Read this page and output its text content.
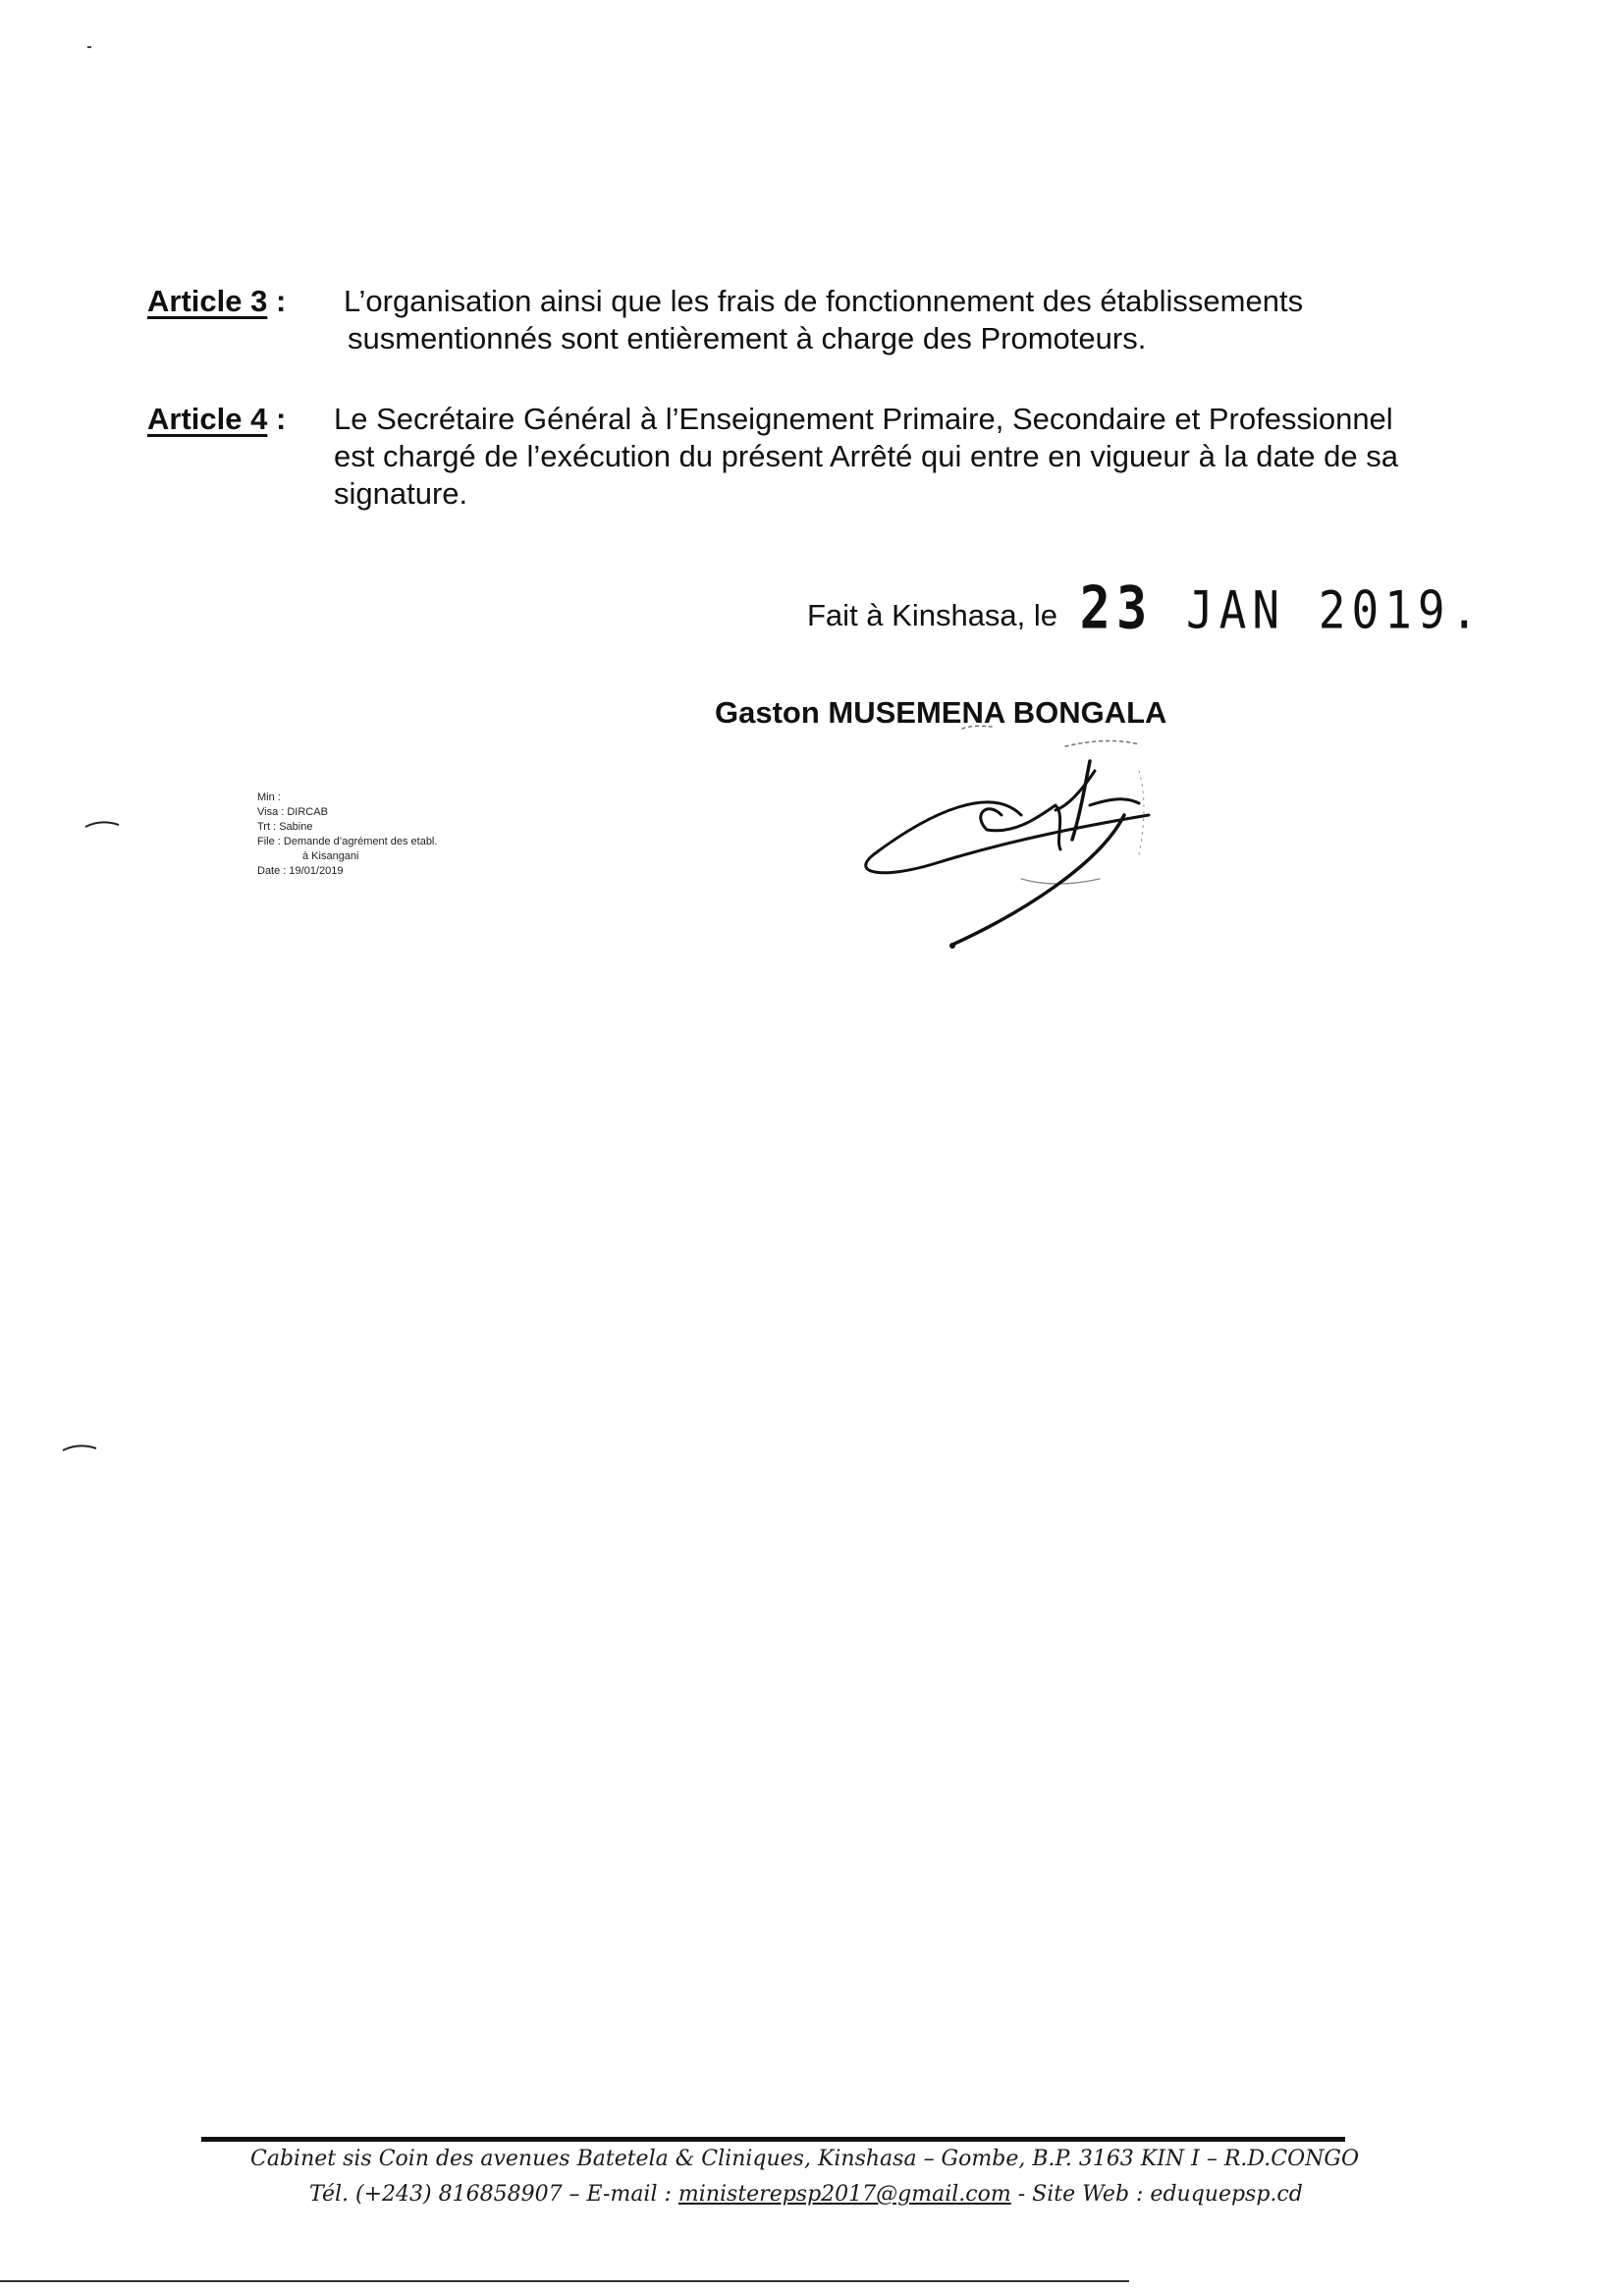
Article 3 : L’organisation ainsi que les frais de fonctionnement des établissements
susmentionnés sont entièrement à charge des Promoteurs.
Article 4 : Le Secrétaire Général à l’Enseignement Primaire, Secondaire et Professionnel
est chargé de l’exécution du présent Arrêté qui entre en vigueur à la date de sa
signature.
Fait à Kinshasa, le 23 JAN 2019.
Gaston MUSEMENA BONGALA
Min :
Visa : DIRCAB
Trt : Sabine
File : Demande d’agrément des etabl.
à Kisangani
Date : 19/01/2019
Cabinet sis Coin des avenues Batetela & Cliniques, Kinshasa – Gombe, B.P. 3163 KIN I – R.D.CONGO
Tél. (+243) 816858907 – E-mail : ministerepsp2017@gmail.com - Site Web : eduquepsp.cd
